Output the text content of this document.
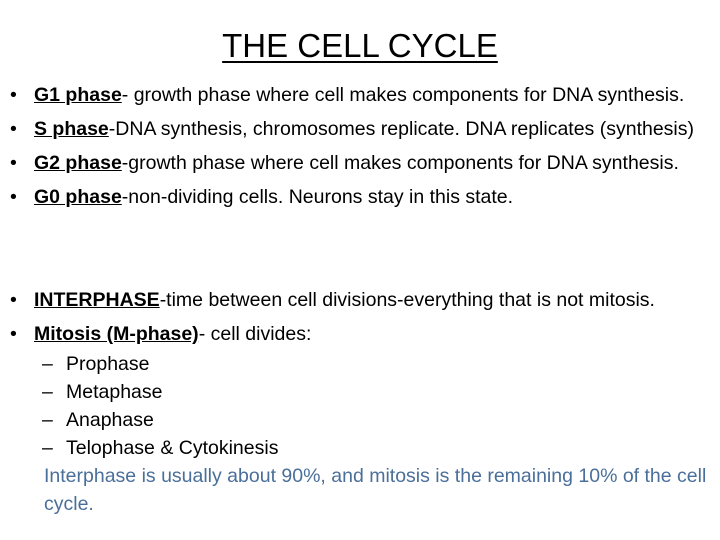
THE CELL CYCLE
• G1 phase- growth phase where cell makes components for DNA synthesis.
• S phase-DNA synthesis, chromosomes replicate. DNA replicates (synthesis)
• G2 phase-growth phase where cell makes components for DNA synthesis.
• G0 phase-non-dividing cells. Neurons stay in this state.
• INTERPHASE-time between cell divisions-everything that is not mitosis.
• Mitosis (M-phase)- cell divides:
– Prophase
– Metaphase
– Anaphase
– Telophase & Cytokinesis
Interphase is usually about 90%, and mitosis is the remaining 10% of the cell cycle.
